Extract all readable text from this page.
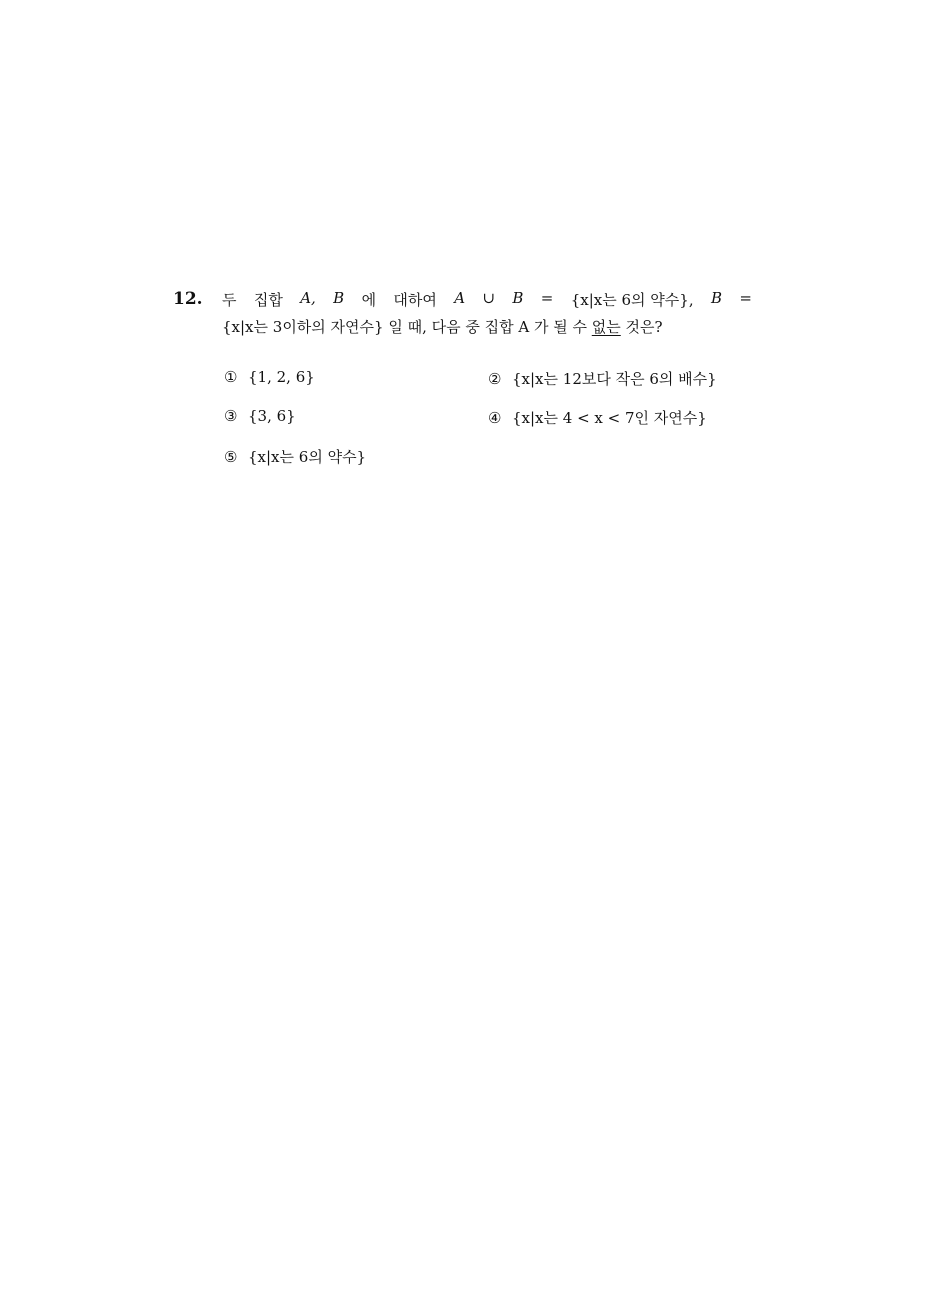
12. 두 집합 A, B 에 대하여 A ∪ B = {x|x는 6의 약수}, B =
{x|x는 3이하의 자연수} 일 때, 다음 중 집합 A 가 될 수 없는 것은?
① {1, 2, 6}	② {x|x는 12보다 작은 6의 배수}
③ {3, 6}	④ {x|x는 4 < x < 7인 자연수}
⑤ {x|x는 6의 약수}
